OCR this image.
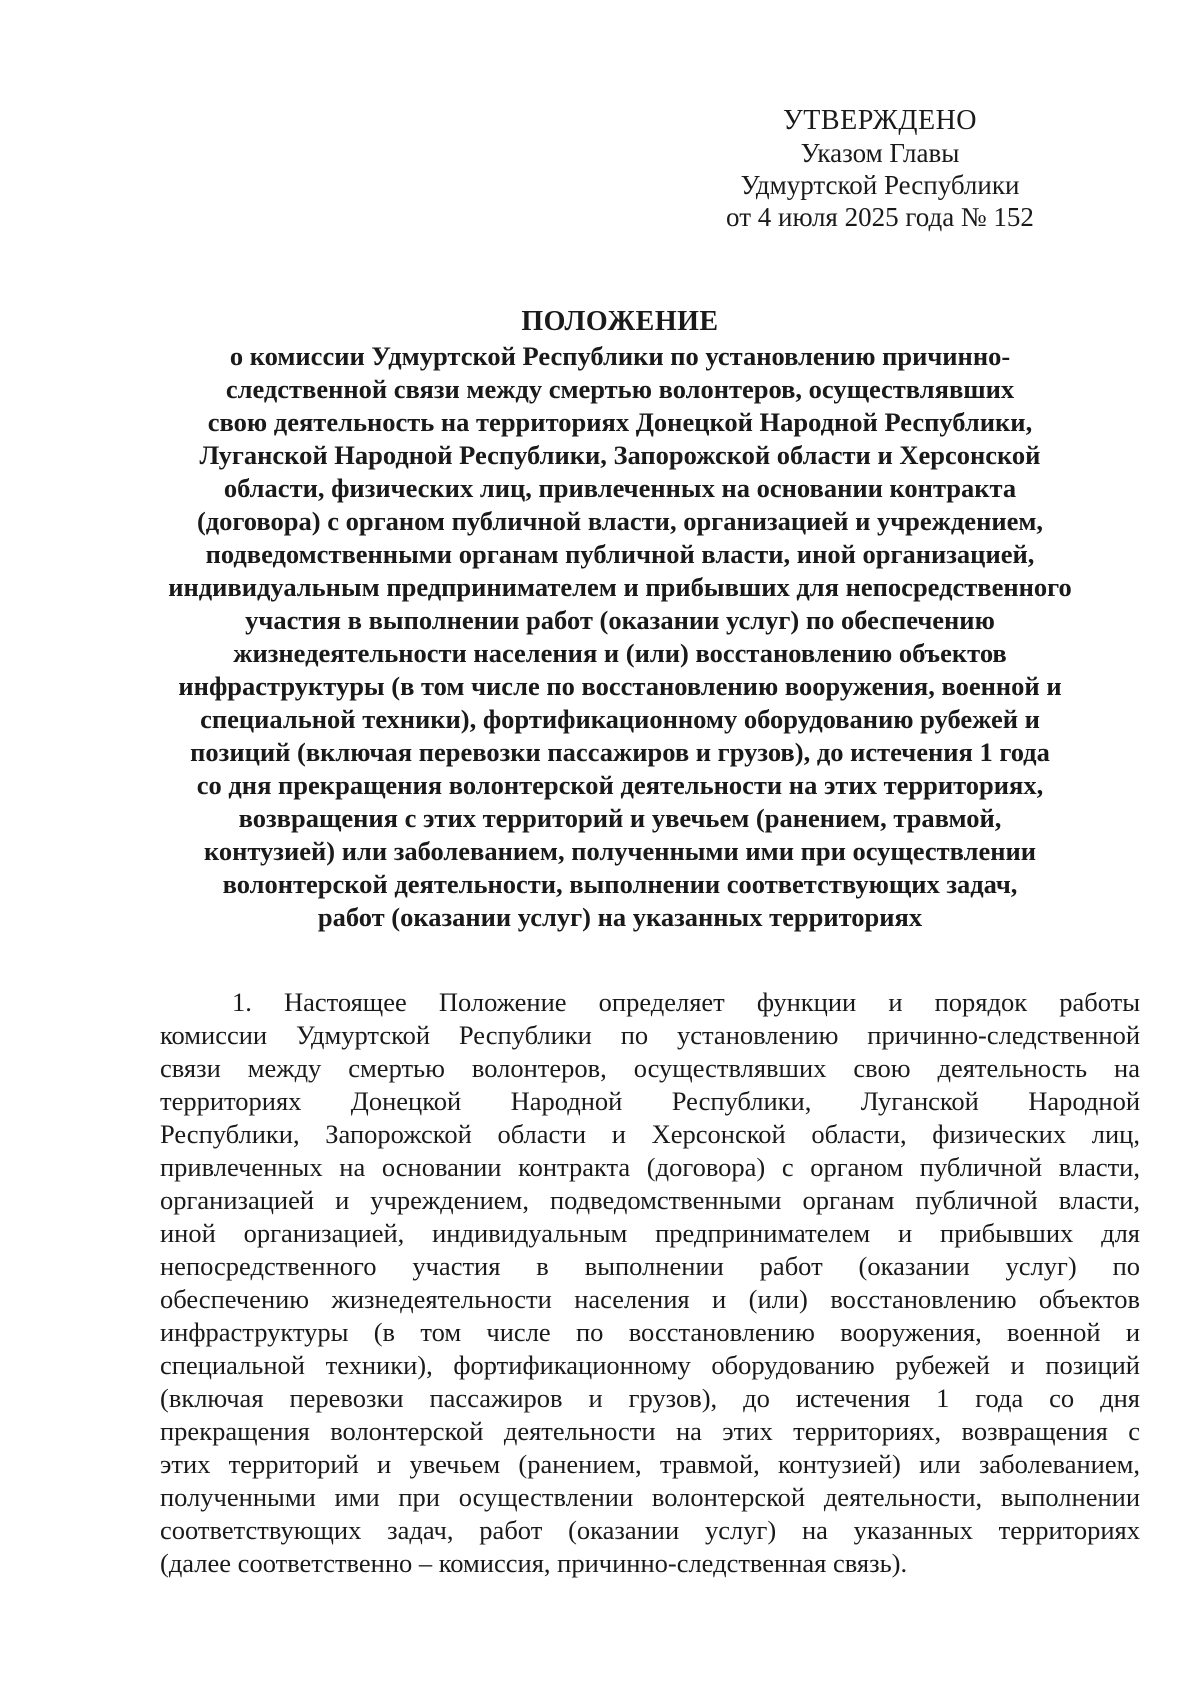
УТВЕРЖДЕНО
Указом Главы
Удмуртской Республики
от 4 июля 2025 года № 152
ПОЛОЖЕНИЕ
о комиссии Удмуртской Республики по установлению причинно-
следственной связи между смертью волонтеров, осуществлявших
свою деятельность на территориях Донецкой Народной Республики,
Луганской Народной Республики, Запорожской области и Херсонской
области, физических лиц, привлеченных на основании контракта
(договора) с органом публичной власти, организацией и учреждением,
подведомственными органам публичной власти, иной организацией,
индивидуальным предпринимателем и прибывших для непосредственного
участия в выполнении работ (оказании услуг) по обеспечению
жизнедеятельности населения и (или) восстановлению объектов
инфраструктуры (в том числе по восстановлению вооружения, военной и
специальной техники), фортификационному оборудованию рубежей и
позиций (включая перевозки пассажиров и грузов), до истечения 1 года
со дня прекращения волонтерской деятельности на этих территориях,
возвращения с этих территорий и увечьем (ранением, травмой,
контузией) или заболеванием, полученными ими при осуществлении
волонтерской деятельности, выполнении соответствующих задач,
работ (оказании услуг) на указанных территориях
1. Настоящее Положение определяет функции и порядок работы
комиссии Удмуртской Республики по установлению причинно-следственной
связи между смертью волонтеров, осуществлявших свою деятельность на
территориях Донецкой Народной Республики, Луганской Народной
Республики, Запорожской области и Херсонской области, физических лиц,
привлеченных на основании контракта (договора) с органом публичной власти,
организацией и учреждением, подведомственными органам публичной власти,
иной организацией, индивидуальным предпринимателем и прибывших для
непосредственного участия в выполнении работ (оказании услуг) по
обеспечению жизнедеятельности населения и (или) восстановлению объектов
инфраструктуры (в том числе по восстановлению вооружения, военной и
специальной техники), фортификационному оборудованию рубежей и позиций
(включая перевозки пассажиров и грузов), до истечения 1 года со дня
прекращения волонтерской деятельности на этих территориях, возвращения с
этих территорий и увечьем (ранением, травмой, контузией) или заболеванием,
полученными ими при осуществлении волонтерской деятельности, выполнении
соответствующих задач, работ (оказании услуг) на указанных территориях
(далее соответственно – комиссия, причинно-следственная связь).
